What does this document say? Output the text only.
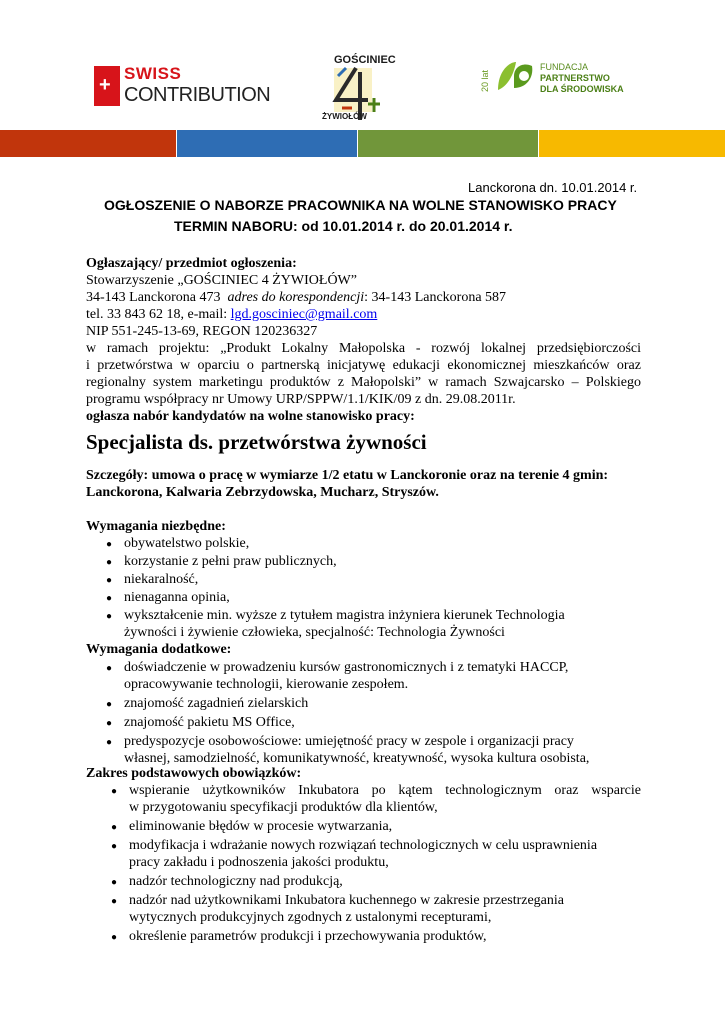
+
SWISS
CONTRIBUTION
GOŚCINIEC
ŻYWIOŁÓW
20 lat
FUNDACJA
PARTNERSTWO
DLA ŚRODOWISKA
Lanckorona dn. 10.01.2014 r.
OGŁOSZENIE O NABORZE PRACOWNIKA NA WOLNE STANOWISKO PRACY
TERMIN NABORU: od 10.01.2014 r. do 20.01.2014 r.
Ogłaszający/ przedmiot ogłoszenia:
Stowarzyszenie „GOŚCINIEC 4 ŻYWIOŁÓW”
34-143 Lanckorona 473 adres do korespondencji: 34-143 Lanckorona 587
tel. 33 843 62 18, e-mail: lgd.gosciniec@gmail.com
NIP 551-245-13-69, REGON 120236327
w ramach projektu: „Produkt Lokalny Małopolska - rozwój lokalnej przedsiębiorczości
i przetwórstwa w oparciu o partnerską inicjatywę edukacji ekonomicznej mieszkańców oraz
regionalny system marketingu produktów z Małopolski” w ramach Szwajcarsko – Polskiego
programu współpracy nr Umowy URP/SPPW/1.1/KIK/09 z dn. 29.08.2011r.
ogłasza nabór kandydatów na wolne stanowisko pracy:
Specjalista ds. przetwórstwa żywności
Szczegóły: umowa o pracę w wymiarze 1/2 etatu w Lanckoronie oraz na terenie 4 gmin:
Lanckorona, Kalwaria Zebrzydowska, Mucharz, Stryszów.
Wymagania niezbędne:
● obywatelstwo polskie,
● korzystanie z pełni praw publicznych,
● niekaralność,
● nienaganna opinia,
● wykształcenie min. wyższe z tytułem magistra inżyniera kierunek Technologia
żywności i żywienie człowieka, specjalność: Technologia Żywności
Wymagania dodatkowe:
● doświadczenie w prowadzeniu kursów gastronomicznych i z tematyki HACCP,
opracowywanie technologii, kierowanie zespołem.
● znajomość zagadnień zielarskich
● znajomość pakietu MS Office,
● predyspozycje osobowościowe: umiejętność pracy w zespole i organizacji pracy
własnej, samodzielność, komunikatywność, kreatywność, wysoka kultura osobista,
Zakres podstawowych obowiązków:
● wspieranie użytkowników Inkubatora po kątem technologicznym oraz wsparcie
w przygotowaniu specyfikacji produktów dla klientów,
● eliminowanie błędów w procesie wytwarzania,
● modyfikacja i wdrażanie nowych rozwiązań technologicznych w celu usprawnienia
pracy zakładu i podnoszenia jakości produktu,
● nadzór technologiczny nad produkcją,
● nadzór nad użytkownikami Inkubatora kuchennego w zakresie przestrzegania
wytycznych produkcyjnych zgodnych z ustalonymi recepturami,
● określenie parametrów produkcji i przechowywania produktów,
